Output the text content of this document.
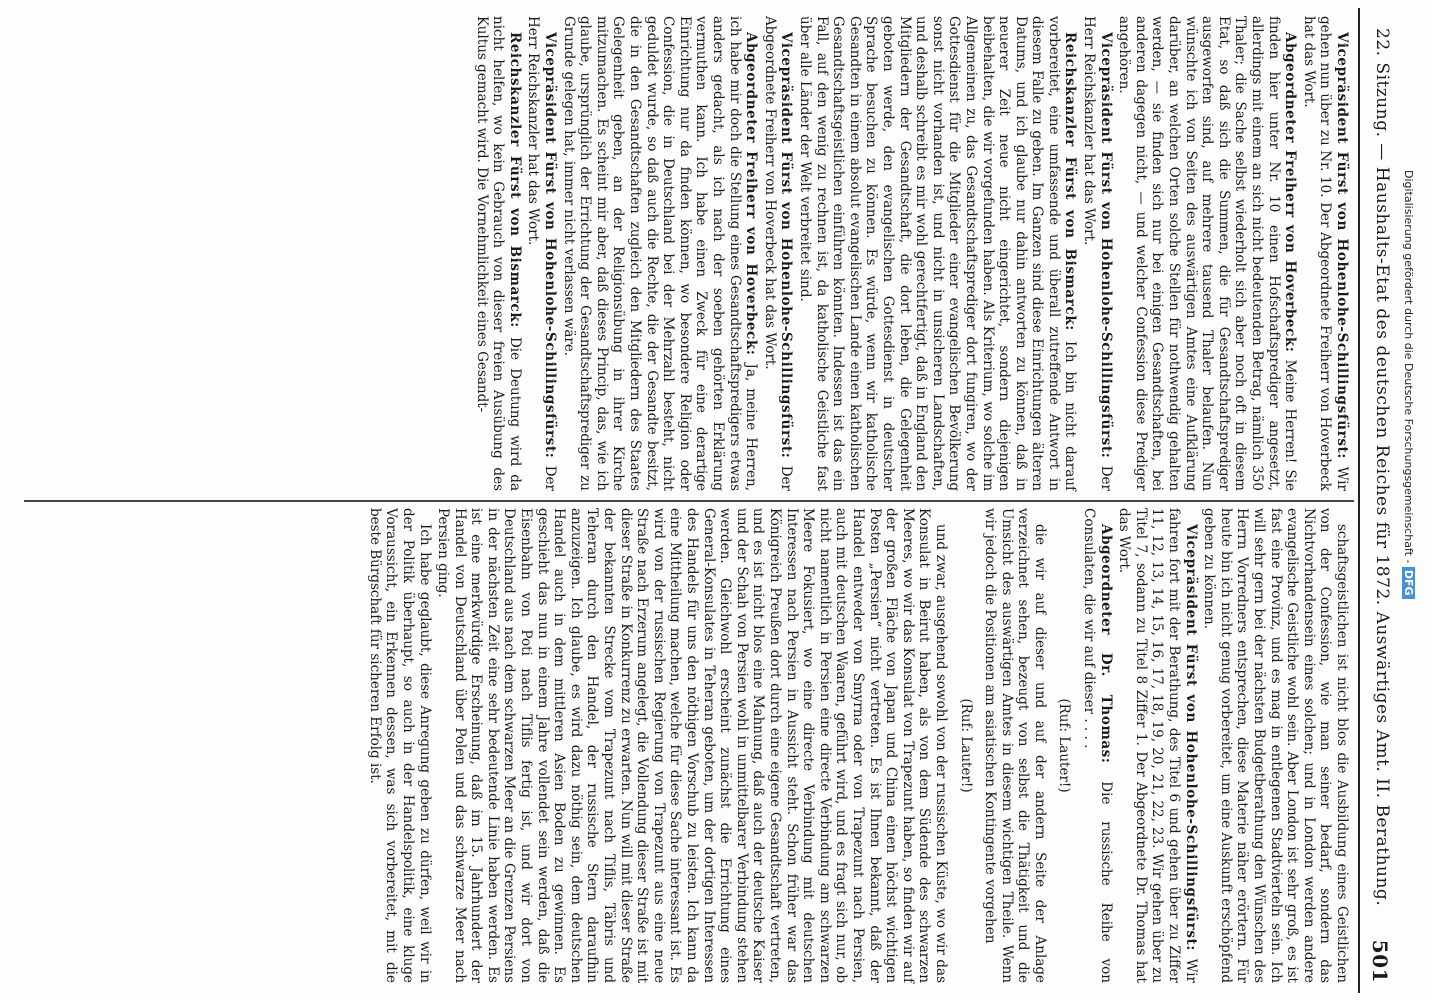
22. Sitzung. — Haushalts-Etat des deutschen Reiches für 1872. Auswärtiges Amt. II. Berathung.
501

Vicepräsident Fürst von Hohenlohe-Schillingsfürst: Wir gehen nun über zu Nr. 10. Der Abgeordnete Freiherr von Hoverbeck hat das Wort.

Abgeordneter Freiherr von Hoverbeck: Meine Herren! Sie finden hier unter Nr. 10 einen Hofschaftsprediger angesetzt, allerdings mit einem an sich nicht bedeutenden Betrag, nämlich 350 Thaler; die Sache selbst wiederholt sich aber noch oft in diesem Etat, so daß sich die Summen, die für Gesandtschaftsprediger ausgeworfen sind, auf mehrere tausend Thaler belaufen. Nun wünschte ich von Seiten des auswärtigen Amtes eine Aufklärung darüber, an welchen Orten solche Stellen für nothwendig gehalten werden, — sie finden sich nur bei einigen Gesandtschaften, bei anderen dagegen nicht, — und welcher Confession diese Prediger angehören.

Vicepräsident Fürst von Hohenlohe-Schillingsfürst: Der Herr Reichskanzler hat das Wort.

Reichskanzler Fürst von Bismarck: Ich bin nicht darauf vorbereitet, eine umfassende und überall zutreffende Antwort in diesem Falle zu geben. Im Ganzen sind diese Einrichtungen älteren Datums, und ich glaube nur dahin antworten zu können, daß in neuerer Zeit neue nicht eingerichtet, sondern diejenigen beibehalten, die wir vorgefunden haben. Als Kriterium, wo solche im Allgemeinen zu, das Gesandtschaftsprediger dort fungiren, wo der Gottesdienst für die Mitglieder einer evangelischen Bevölkerung sonst nicht vorhanden ist, und nicht in unsicheren Landschaften, und deshalb schreibt es mir wohl gerechtfertigt, daß in England den Mitgliedern der Gesandtschaft, die dort leben, die Gelegenheit geboten werde, den evangelischen Gottesdienst in deutscher Sprache besuchen zu können. Es würde, wenn wir katholische Gesandten in einem absolut evangelischen Lande einen katholischen Gesandtschaftsgeistlichen einführen könnten. Indessen ist das ein Fall, auf den wenig zu rechnen ist, da katholische Geistliche fast über alle Länder der Welt verbreitet sind.

Vicepräsident Fürst von Hohenlohe-Schillingsfürst: Der Abgeordnete Freiherr von Hoverbeck hat das Wort.

Abgeordneter Freiherr von Hoverbeck: Ja, meine Herren, ich habe mir doch die Stellung eines Gesandtschaftspredigers etwas anders gedacht, als ich nach der soeben gehörten Erklärung vermuthen kann. Ich habe einen Zweck für eine derartige Einrichtung nur da finden können, wo besondere Religion oder Confession, die in Deutschland bei der Mehrzahl besteht, nicht geduldet wurde, so daß auch die Rechte, die der Gesandte besitzt, die in den Gesandtschaften zugleich den Mitgliedern des Staates Gelegenheit geben, an der Religionsübung in ihrer Kirche mitzumachen. Es scheint mir aber, daß dieses Princip, das, wie ich glaube, ursprünglich der Errichtung der Gesandtschaftsprediger zu Grunde gelegen hat, immer nicht verlassen wäre.

Vicepräsident Fürst von Hohenlohe-Schillingsfürst: Der Herr Reichskanzler hat das Wort.

Reichskanzler Fürst von Bismarck: Die Deutung wird da nicht helfen, wo kein Gebrauch von dieser freien Ausübung des Kultus gemacht wird. Die Vornehmlichkeit eines Gesandt-

schaftsgeistlichen ist nicht blos die Ausbildung eines Geistlichen von der Confession, wie man seiner bedarf, sondern das Nichtvorhandensein eines solchen; und in London werden andere evangelische Geistliche wohl sein. Aber London ist sehr groß, es ist fast eine Provinz, und es mag in entlegenen Stadtvierteln sein. Ich will sehr gern bei der nächsten Budgetberathung den Wünschen des Herrn Vorredners entsprechen, diese Materie näher erörtern. Für heute bin ich nicht genug vorbereitet, um eine Auskunft erschöpfend geben zu können.

Vicepräsident Fürst von Hohenlohe-Schillingsfürst: Wir fahren fort mit der Berathung, des Titel 6 und gehen über zu Ziffer 11, 12, 13, 14, 15, 16, 17, 18, 19, 20, 21, 22, 23. Wir gehen über zu Titel 7, sodann zu Titel 8 Ziffer 1. Der Abgeordnete Dr. Thomas hat das Wort.

Abgeordneter Dr. Thomas: Die russische Reihe von Consulaten, die wir auf dieser . . . .

(Ruf: Lauter!)

die wir auf dieser und auf der andern Seite der Anlage verzeichnet sehen, bezeugt von selbst die Thätigkeit und die Umsicht des auswärtigen Amtes in diesem wichtigen Theile. Wenn wir jedoch die Positionen am asiatischen Kontingente vorgehen

(Ruf: Lauter!)

und zwar, ausgehend sowohl von der russischen Küste, wo wir das Konsulat in Beirut haben, als von dem Südende des schwarzen Meeres, wo wir das Konsulat von Trapezunt haben, so finden wir auf der großen Fläche von Japan und China einen höchst wichtigen Posten „Persien“ nicht vertreten. Es ist Ihnen bekannt, daß der Handel entweder von Smyrna oder von Trapezunt nach Persien, auch mit deutschen Waaren, geführt wird, und es fragt sich nur, ob nicht namentlich in Persien eine directe Verbindung am schwarzen Meere Fokusiert, wo eine directe Verbindung mit deutschen Interessen nach Persien in Aussicht steht. Schon früher war das Königreich Preußen dort durch eine eigene Gesandtschaft vertreten, und es ist nicht blos eine Mahnung, daß auch der deutsche Kaiser und der Schah von Persien wohl in unmittelbarer Verbindung stehen werden. Gleichwohl erscheint zunächst die Errichtung eines General-Konsulates in Teheran geboten, um der dortigen Interessen des Handels für uns den nöthigen Vorschub zu leisten. Ich kann da eine Mittheilung machen, welche für diese Sache interessant ist. Es wird von der russischen Regierung von Trapezunt aus eine neue Straße nach Erzerum angelegt, die Vollendung dieser Straße ist mit dieser Straße in Konkurrenz zu erwarten. Nun will mit dieser Straße der bekannten Strecke vom Trapezunt nach Tiflis, Täbris und Teheran durch den Handel, der russische Stern daraufhin anzuzeigen. Ich glaube, es wird dazu nöthig sein, dem deutschen Handel auch in dem mittleren Asien Boden zu gewinnen. Es geschieht das nun in einem Jahre vollendet sein werden, daß die Eisenbahn von Poti nach Tiflis fertig ist, und wir dort von Deutschland aus nach dem schwarzen Meer an die Grenzen Persiens in der nächsten Zeit eine sehr bedeutende Linie haben werden. Es ist eine merkwürdige Erscheinung, daß im 15. Jahrhundert der Handel von Deutschland über Polen und das schwarze Meer nach Persien ging.

Ich habe geglaubt, diese Anregung geben zu dürfen, weil wir in der Politik überhaupt, so auch in der Handelspolitik, eine kluge Voraussicht, ein Erkennen dessen, was sich vorbereitet, mit die beste Bürgschaft für sicheren Erfolg ist.

Digitalisierung gefördert durch die Deutsche Forschungsgemeinschaft - DFG
